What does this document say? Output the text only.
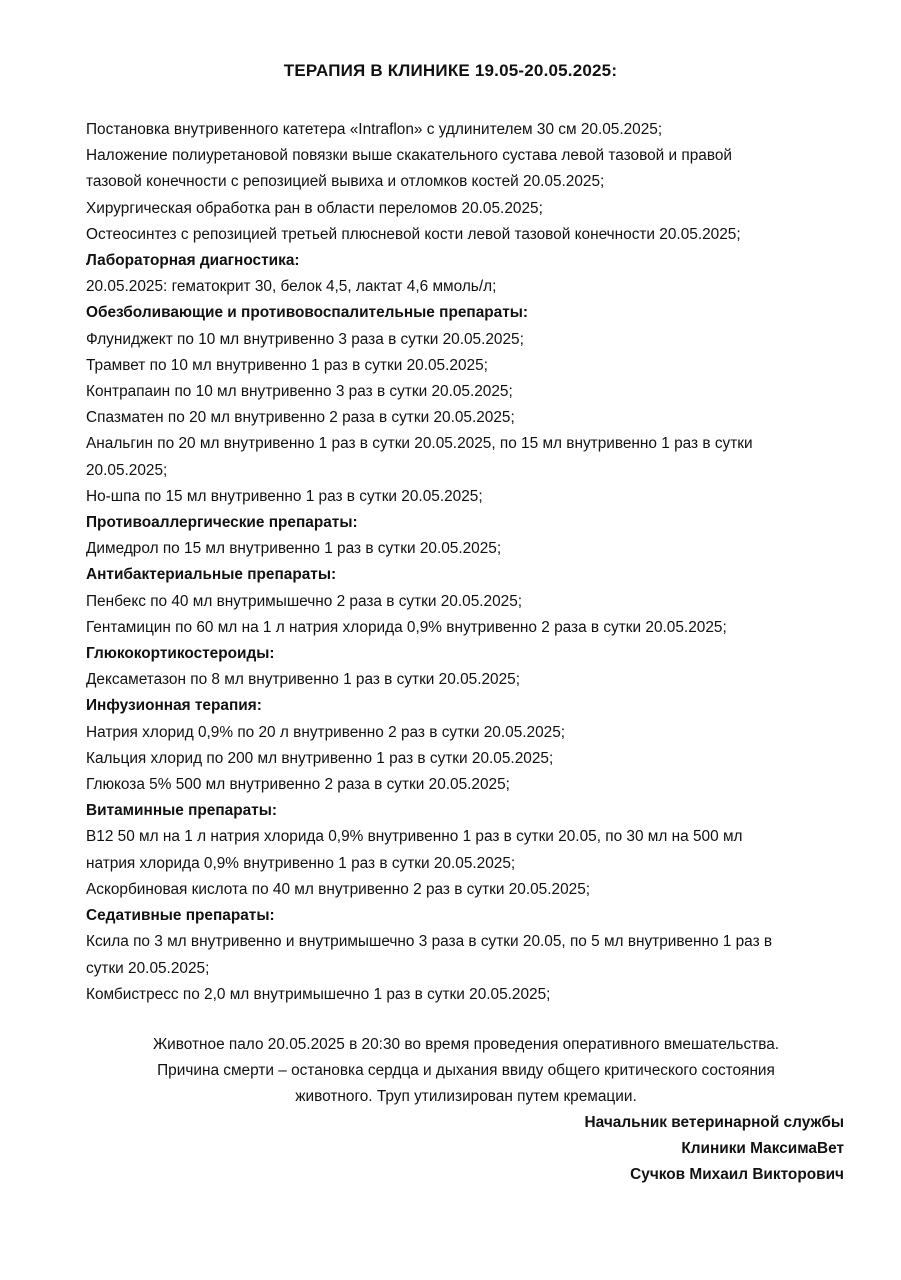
ТЕРАПИЯ В КЛИНИКЕ 19.05-20.05.2025:
Постановка внутривенного катетера «Intraflon» с удлинителем 30 см 20.05.2025;
Наложение полиуретановой повязки выше скакательного сустава левой тазовой и правой
тазовой конечности с репозицией вывиха и отломков костей 20.05.2025;
Хирургическая обработка ран в области переломов 20.05.2025;
Остеосинтез с репозицией третьей плюсневой кости левой тазовой конечности 20.05.2025;
Лабораторная диагностика:
20.05.2025: гематокрит 30, белок 4,5, лактат 4,6 ммоль/л;
Обезболивающие и противовоспалительные препараты:
Флуниджект по 10 мл внутривенно 3 раза в сутки 20.05.2025;
Трамвет по 10 мл внутривенно 1 раз в сутки 20.05.2025;
Контрапаин по 10 мл внутривенно 3 раз в сутки 20.05.2025;
Спазматен по 20 мл внутривенно 2 раза в сутки 20.05.2025;
Анальгин по 20 мл внутривенно 1 раз в сутки 20.05.2025, по 15 мл внутривенно 1 раз в сутки
20.05.2025;
Но-шпа по 15 мл внутривенно 1 раз в сутки 20.05.2025;
Противоаллергические препараты:
Димедрол по 15 мл внутривенно 1 раз в сутки 20.05.2025;
Антибактериальные препараты:
Пенбекс по 40 мл внутримышечно 2 раза в сутки 20.05.2025;
Гентамицин по 60 мл на 1 л натрия хлорида 0,9% внутривенно 2 раза в сутки 20.05.2025;
Глюкокортикостероиды:
Дексаметазон по 8 мл внутривенно 1 раз в сутки 20.05.2025;
Инфузионная терапия:
Натрия хлорид 0,9% по 20 л внутривенно 2 раз в сутки 20.05.2025;
Кальция хлорид по 200 мл внутривенно 1 раз в сутки 20.05.2025;
Глюкоза 5% 500 мл внутривенно 2 раза в сутки 20.05.2025;
Витаминные препараты:
В12 50 мл на 1 л натрия хлорида 0,9% внутривенно 1 раз в сутки 20.05, по 30 мл на 500 мл
натрия хлорида 0,9% внутривенно 1 раз в сутки 20.05.2025;
Аскорбиновая кислота по 40 мл внутривенно 2 раз в сутки 20.05.2025;
Седативные препараты:
Ксила по 3 мл внутривенно и внутримышечно 3 раза в сутки 20.05, по 5 мл внутривенно 1 раз в
сутки 20.05.2025;
Комбистресс по 2,0 мл внутримышечно 1 раз в сутки 20.05.2025;
Животное пало 20.05.2025 в 20:30 во время проведения оперативного вмешательства.
Причина смерти – остановка сердца и дыхания ввиду общего критического состояния
животного. Труп утилизирован путем кремации.
Начальник ветеринарной службы
Клиники МаксимаВет
Сучков Михаил Викторович
